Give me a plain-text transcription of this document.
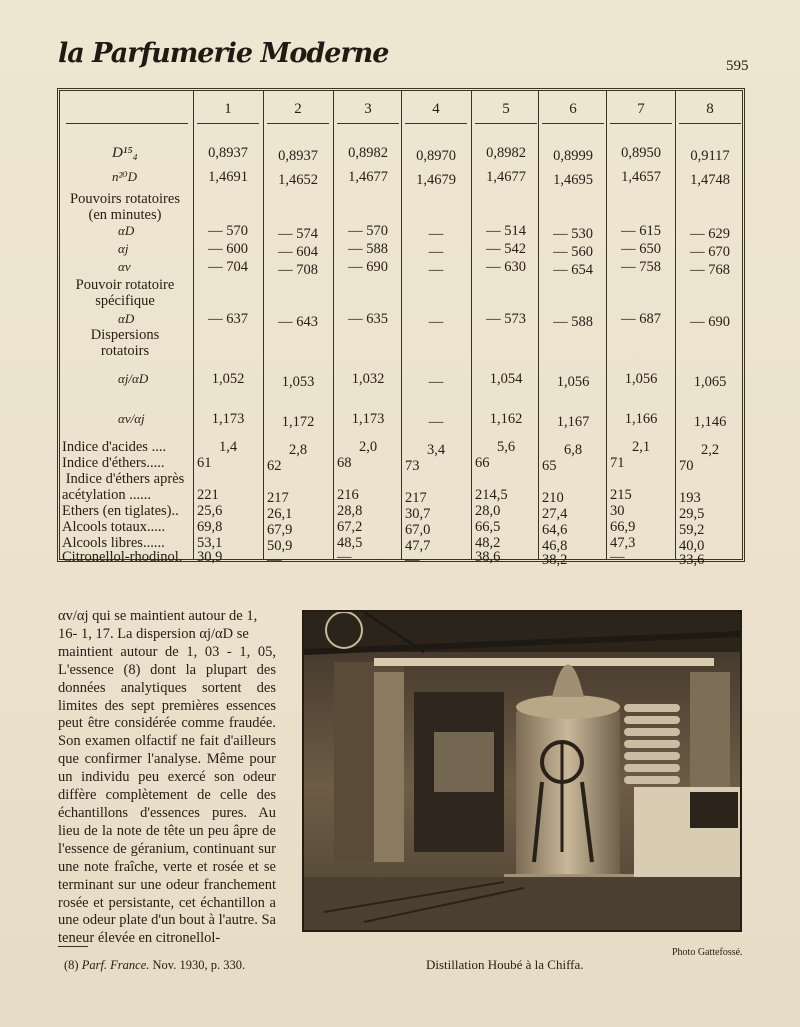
la Parfumerie Moderne	595
1	2	3	4	5	6	7	8
D¹⁵₄	0,8937	0,8937	0,8982	0,8970	0,8982	0,8999	0,8950	0,9117
n²⁰D	1,4691	1,4652	1,4677	1,4679	1,4677	1,4695	1,4657	1,4748
Pouvoirs rotatoires
(en minutes)
αD	— 570	— 574	— 570	—	— 514	— 530	— 615	— 629
αj	— 600	— 604	— 588	—	— 542	— 560	— 650	— 670
αv	— 704	— 708	— 690	—	— 630	— 654	— 758	— 768
Pouvoir rotatoire
spécifique
αD	— 637	— 643	— 635	—	— 573	— 588	— 687	— 690
Dispersions
rotatoirs
αj/αD	1,052	1,053	1,032	—	1,054	1,056	1,056	1,065
αv/αj	1,173	1,172	1,173	—	1,162	1,167	1,166	1,146
Indice d'acides ....	1,4	2,8	2,0	3,4	5,6	6,8	2,1	2,2
Indice d'éthers..... 61	62	68	73	66	65	71	70
Indice d'éthers après
acétylation ......	221	217	216	217	214,5	210	215	193
Ethers (en tiglates).. 25,6	26,1	28,8	30,7	28,0	27,4	30	29,5
Alcools totaux..... 69,8	67,9	67,2	67,0	66,5	64,6	66,9	59,2
Alcools libres...... 53,1	50,9	48,5	47,7	48,2	46,8	47,3	40,0
Citronellol-rhodinol. 30,9	—	—	—	38,6	38,2	—	33,6

αv/αj qui se maintient autour de 1,

16- 1, 17. La dispersion αj/αD se

maintient autour de 1, 03 - 1, 05, L'essence (8) dont la plupart des données analytiques sortent des limites des sept premières essences peut être considérée comme fraudée. Son examen olfactif ne fait d'ailleurs que confirmer l'analyse. Même pour un individu peu exercé son odeur diffère complètement de celle des échantillons d'essences pures. Au lieu de la note de tête un peu âpre de l'essence de géranium, continuant sur une note fraîche, verte et rosée et se terminant sur une odeur franchement rosée et persistante, cet échantillon a une odeur plate d'un bout à l'autre. Sa teneur élevée en citronellol-

(8) Parf. France. Nov. 1930, p. 330.
Photo Gattefossé.
Distillation Houbé à la Chiffa.
